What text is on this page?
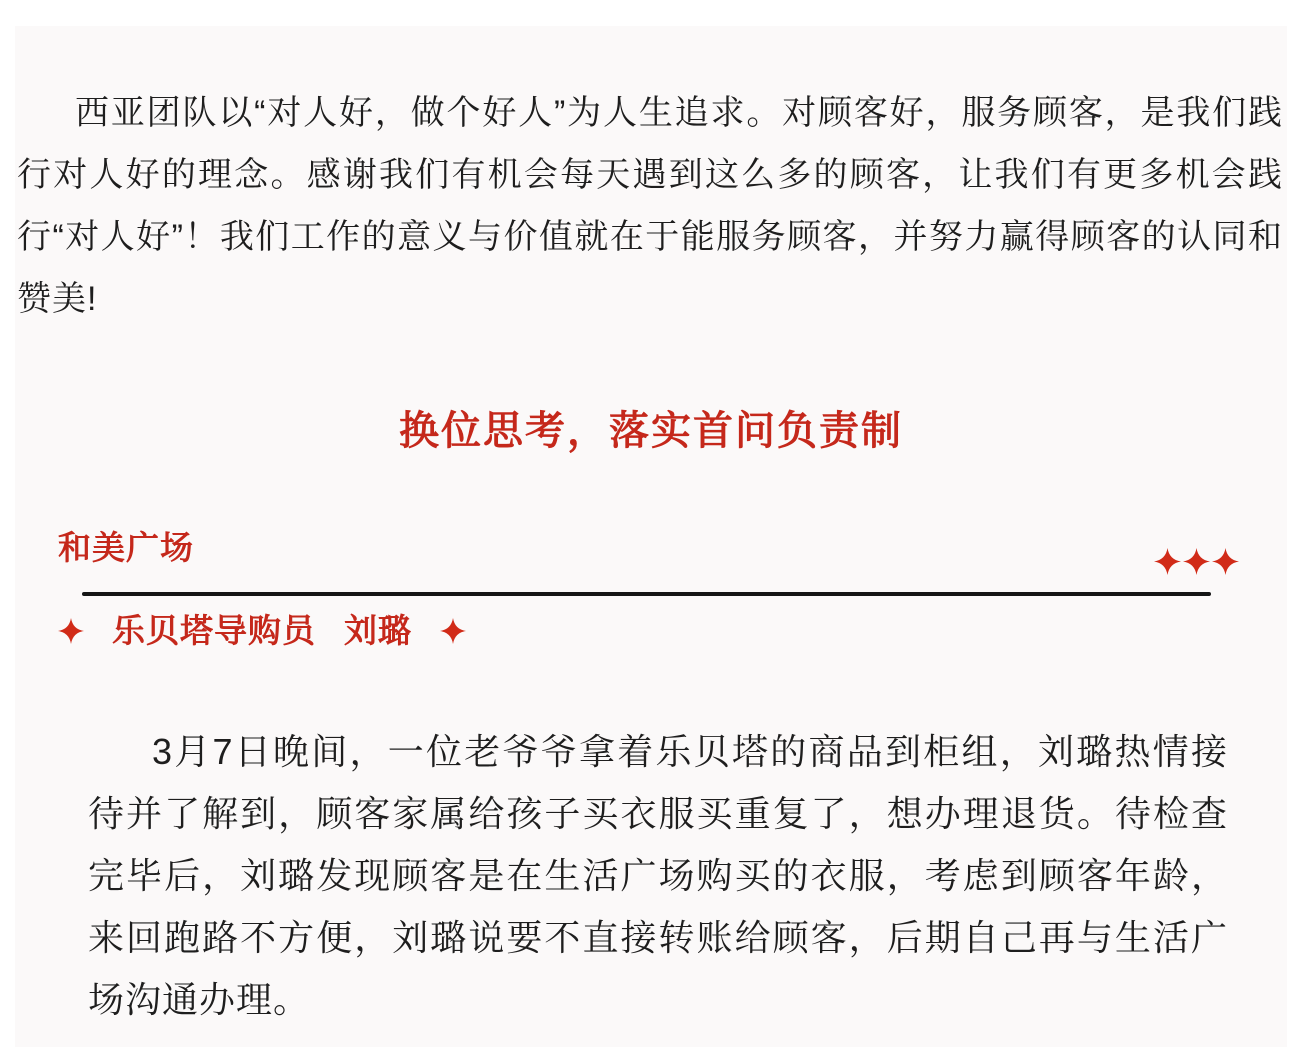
西亚团队以“对人好，做个好人”为人生追求。对顾客好，服务顾客，是我们践行对人好的理念。感谢我们有机会每天遇到这么多的顾客，让我们有更多机会践行“对人好”！我们工作的意义与价值就在于能服务顾客，并努力赢得顾客的认同和赞美!

换位思考，落实首问负责制
和美广场
乐贝塔导购员 刘璐

3月7日晚间，一位老爷爷拿着乐贝塔的商品到柜组，刘璐热情接待并了解到，顾客家属给孩子买衣服买重复了，想办理退货。待检查完毕后，刘璐发现顾客是在生活广场购买的衣服，考虑到顾客年龄，来回跑路不方便，刘璐说要不直接转账给顾客，后期自己再与生活广场沟通办理。
